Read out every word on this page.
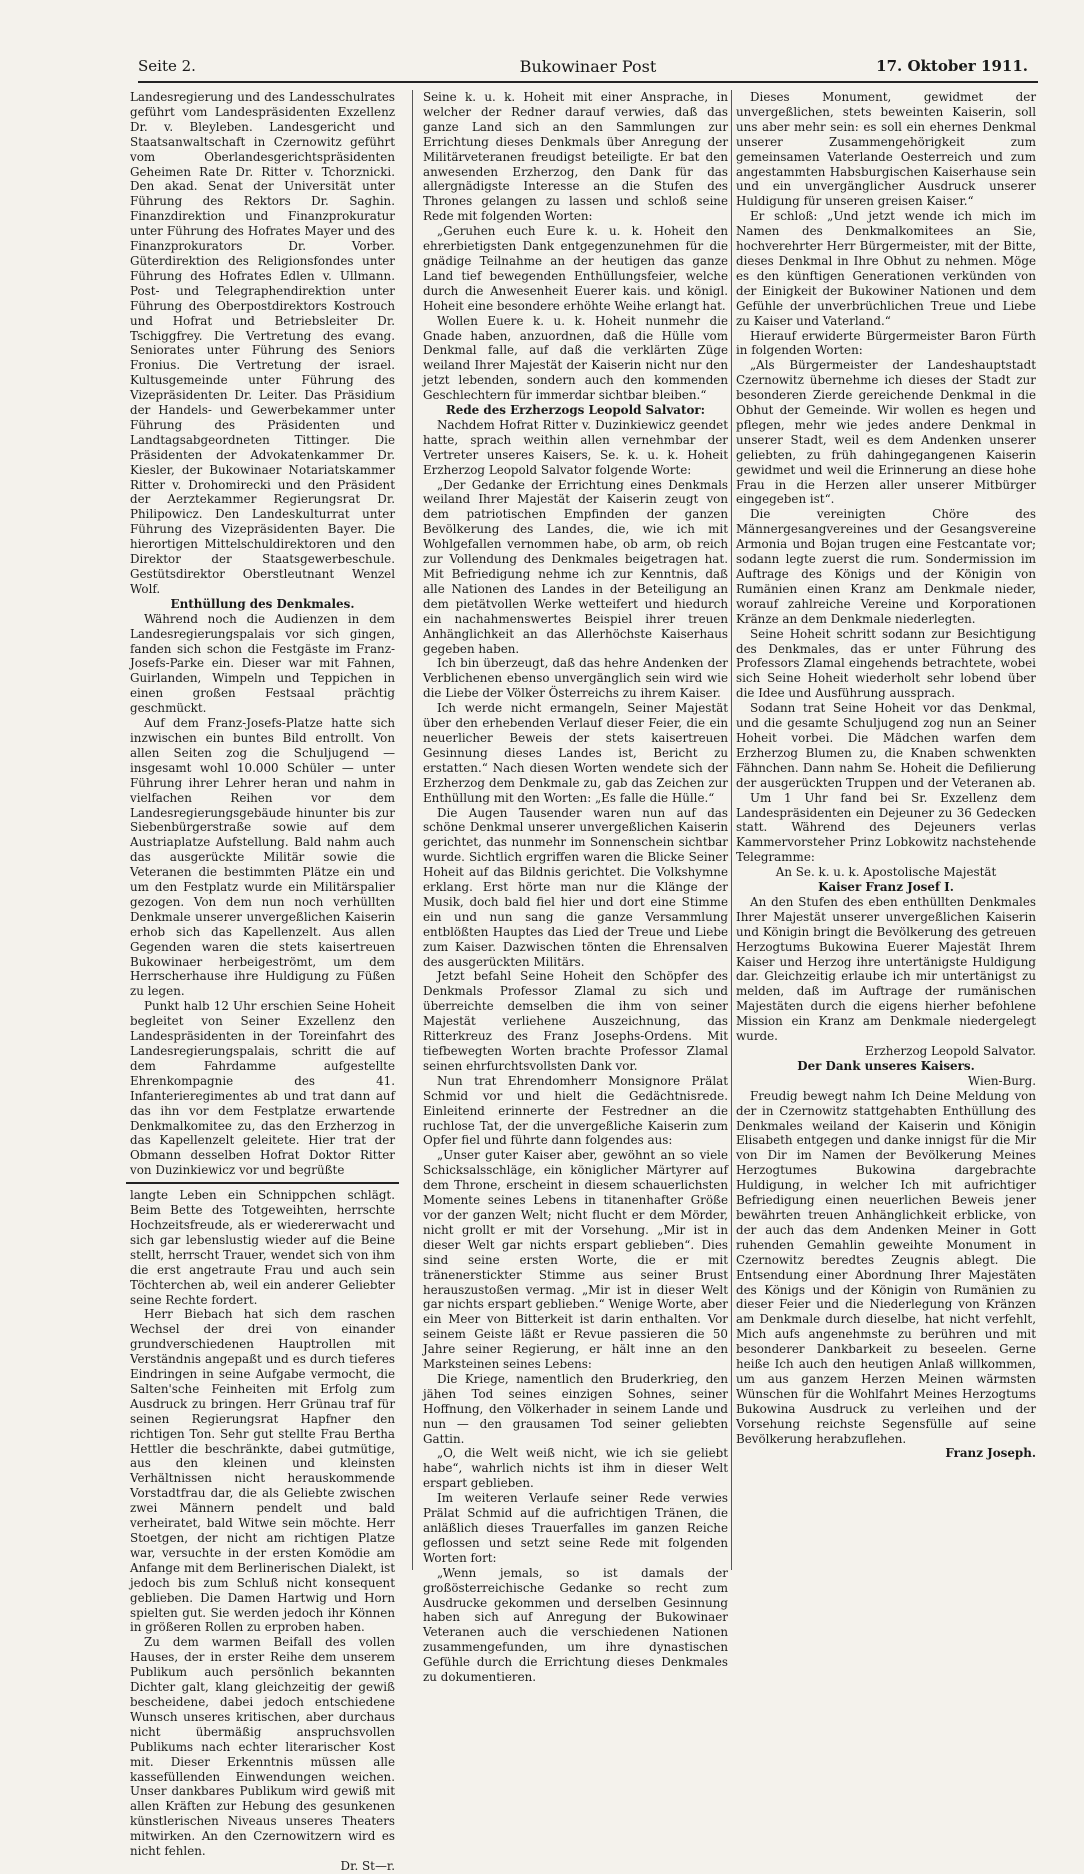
Seite 2.	Bukowinaer Post	17. Oktober 1911.

Landesregierung und des Landesschulrates geführt vom Landespräsidenten Exzellenz Dr. v. Bleyleben. Landesgericht und Staatsanwaltschaft in Czernowitz geführt vom Oberlandesgerichtspräsidenten Geheimen Rate Dr. Ritter v. Tchorznicki. Den akad. Senat der Universität unter Führung des Rektors Dr. Saghin. Finanzdirektion und Finanzprokuratur unter Führung des Hofrates Mayer und des Finanzprokurators Dr. Vorber. Güterdirektion des Religionsfondes unter Führung des Hofrates Edlen v. Ullmann. Post- und Telegraphendirektion unter Führung des Oberpostdirektors Kostrouch und Hofrat und Betriebsleiter Dr. Tschiggfrey. Die Vertretung des evang. Seniorates unter Führung des Seniors Fronius. Die Vertretung der israel. Kultusgemeinde unter Führung des Vizepräsidenten Dr. Leiter. Das Präsidium der Handels- und Gewerbekammer unter Führung des Präsidenten und Landtagsabgeordneten Tittinger. Die Präsidenten der Advokatenkammer Dr. Kiesler, der Bukowinaer Notariatskammer Ritter v. Drohomirecki und den Präsident der Aerztekammer Regierungsrat Dr. Philipowicz. Den Landeskulturrat unter Führung des Vizepräsidenten Bayer. Die hierortigen Mittelschuldirektoren und den Direktor der Staatsgewerbeschule. Gestütsdirektor Oberstleutnant Wenzel Wolf.

Enthüllung des Denkmales.

Während noch die Audienzen in dem Landesregierungspalais vor sich gingen, fanden sich schon die Festgäste im Franz-Josefs-Parke ein. Dieser war mit Fahnen, Guirlanden, Wimpeln und Teppichen in einen großen Festsaal prächtig geschmückt.

Auf dem Franz-Josefs-Platze hatte sich inzwischen ein buntes Bild entrollt. Von allen Seiten zog die Schuljugend — insgesamt wohl 10.000 Schüler — unter Führung ihrer Lehrer heran und nahm in vielfachen Reihen vor dem Landesregierungsgebäude hinunter bis zur Siebenbürgerstraße sowie auf dem Austriaplatze Aufstellung. Bald nahm auch das ausgerückte Militär sowie die Veteranen die bestimmten Plätze ein und um den Festplatz wurde ein Militärspalier gezogen. Von dem nun noch verhüllten Denkmale unserer unvergeßlichen Kaiserin erhob sich das Kapellenzelt. Aus allen Gegenden waren die stets kaisertreuen Bukowinaer herbeigeströmt, um dem Herrscherhause ihre Huldigung zu Füßen zu legen.

Punkt halb 12 Uhr erschien Seine Hoheit begleitet von Seiner Exzellenz den Landespräsidenten in der Toreinfahrt des Landesregierungspalais, schritt die auf dem Fahrdamme aufgestellte Ehrenkompagnie des 41. Infanterieregimentes ab und trat dann auf das ihn vor dem Festplatze erwartende Denkmalkomitee zu, das den Erzherzog in das Kapellenzelt geleitete. Hier trat der Obmann desselben Hofrat Doktor Ritter von Duzinkiewicz vor und begrüßte

langte Leben ein Schnippchen schlägt. Beim Bette des Totgeweihten, herrschte Hochzeitsfreude, als er wiedererwacht und sich gar lebenslustig wieder auf die Beine stellt, herrscht Trauer, wendet sich von ihm die erst angetraute Frau und auch sein Töchterchen ab, weil ein anderer Geliebter seine Rechte fordert.

Herr Biebach hat sich dem raschen Wechsel der drei von einander grundverschiedenen Hauptrollen mit Verständnis angepaßt und es durch tieferes Eindringen in seine Aufgabe vermocht, die Salten'sche Feinheiten mit Erfolg zum Ausdruck zu bringen. Herr Grünau traf für seinen Regierungsrat Hapfner den richtigen Ton. Sehr gut stellte Frau Bertha Hettler die beschränkte, dabei gutmütige, aus den kleinen und kleinsten Verhältnissen nicht herauskommende Vorstadtfrau dar, die als Geliebte zwischen zwei Männern pendelt und bald verheiratet, bald Witwe sein möchte. Herr Stoetgen, der nicht am richtigen Platze war, versuchte in der ersten Komödie am Anfange mit dem Berlinerischen Dialekt, ist jedoch bis zum Schluß nicht konsequent geblieben. Die Damen Hartwig und Horn spielten gut. Sie werden jedoch ihr Können in größeren Rollen zu erproben haben.

Zu dem warmen Beifall des vollen Hauses, der in erster Reihe dem unserem Publikum auch persönlich bekannten Dichter galt, klang gleichzeitig der gewiß bescheidene, dabei jedoch entschiedene Wunsch unseres kritischen, aber durchaus nicht übermäßig anspruchsvollen Publikums nach echter literarischer Kost mit. Dieser Erkenntnis müssen alle kassefüllenden Einwendungen weichen. Unser dankbares Publikum wird gewiß mit allen Kräften zur Hebung des gesunkenen künstlerischen Niveaus unseres Theaters mitwirken. An den Czernowitzern wird es nicht fehlen.

Dr. St—r.

Seine k. u. k. Hoheit mit einer Ansprache, in welcher der Redner darauf verwies, daß das ganze Land sich an den Sammlungen zur Errichtung dieses Denkmals über Anregung der Militärveteranen freudigst beteiligte. Er bat den anwesenden Erzherzog, den Dank für das allergnädigste Interesse an die Stufen des Thrones gelangen zu lassen und schloß seine Rede mit folgenden Worten:

„Geruhen euch Eure k. u. k. Hoheit den ehrerbietigsten Dank entgegenzunehmen für die gnädige Teilnahme an der heutigen das ganze Land tief bewegenden Enthüllungsfeier, welche durch die Anwesenheit Euerer kais. und königl. Hoheit eine besondere erhöhte Weihe erlangt hat.

Wollen Euere k. u. k. Hoheit nunmehr die Gnade haben, anzuordnen, daß die Hülle vom Denkmal falle, auf daß die verklärten Züge weiland Ihrer Majestät der Kaiserin nicht nur den jetzt lebenden, sondern auch den kommenden Geschlechtern für immerdar sichtbar bleiben.“

Rede des Erzherzogs Leopold Salvator:

Nachdem Hofrat Ritter v. Duzinkiewicz geendet hatte, sprach weithin allen vernehmbar der Vertreter unseres Kaisers, Se. k. u. k. Hoheit Erzherzog Leopold Salvator folgende Worte:

„Der Gedanke der Errichtung eines Denkmals weiland Ihrer Majestät der Kaiserin zeugt von dem patriotischen Empfinden der ganzen Bevölkerung des Landes, die, wie ich mit Wohlgefallen vernommen habe, ob arm, ob reich zur Vollendung des Denkmales beigetragen hat. Mit Befriedigung nehme ich zur Kenntnis, daß alle Nationen des Landes in der Beteiligung an dem pietätvollen Werke wetteifert und hiedurch ein nachahmenswertes Beispiel ihrer treuen Anhänglichkeit an das Allerhöchste Kaiserhaus gegeben haben.

Ich bin überzeugt, daß das hehre Andenken der Verblichenen ebenso unvergänglich sein wird wie die Liebe der Völker Österreichs zu ihrem Kaiser.

Ich werde nicht ermangeln, Seiner Majestät über den erhebenden Verlauf dieser Feier, die ein neuerlicher Beweis der stets kaisertreuen Gesinnung dieses Landes ist, Bericht zu erstatten.“ Nach diesen Worten wendete sich der Erzherzog dem Denkmale zu, gab das Zeichen zur Enthüllung mit den Worten: „Es falle die Hülle.“

Die Augen Tausender waren nun auf das schöne Denkmal unserer unvergeßlichen Kaiserin gerichtet, das nunmehr im Sonnenschein sichtbar wurde. Sichtlich ergriffen waren die Blicke Seiner Hoheit auf das Bildnis gerichtet. Die Volkshymne erklang. Erst hörte man nur die Klänge der Musik, doch bald fiel hier und dort eine Stimme ein und nun sang die ganze Versammlung entblößten Hauptes das Lied der Treue und Liebe zum Kaiser. Dazwischen tönten die Ehrensalven des ausgerückten Militärs.

Jetzt befahl Seine Hoheit den Schöpfer des Denkmals Professor Zlamal zu sich und überreichte demselben die ihm von seiner Majestät verliehene Auszeichnung, das Ritterkreuz des Franz Josephs-Ordens. Mit tiefbewegten Worten brachte Professor Zlamal seinen ehrfurchtsvollsten Dank vor.

Nun trat Ehrendomherr Monsignore Prälat Schmid vor und hielt die Gedächtnisrede. Einleitend erinnerte der Festredner an die ruchlose Tat, der die unvergeßliche Kaiserin zum Opfer fiel und führte dann folgendes aus:

„Unser guter Kaiser aber, gewöhnt an so viele Schicksalsschläge, ein königlicher Märtyrer auf dem Throne, erscheint in diesem schauerlichsten Momente seines Lebens in titanenhafter Größe vor der ganzen Welt; nicht flucht er dem Mörder, nicht grollt er mit der Vorsehung. „Mir ist in dieser Welt gar nichts erspart geblieben“. Dies sind seine ersten Worte, die er mit tränenerstickter Stimme aus seiner Brust herauszustoßen vermag. „Mir ist in dieser Welt gar nichts erspart geblieben.“ Wenige Worte, aber ein Meer von Bitterkeit ist darin enthalten. Vor seinem Geiste läßt er Revue passieren die 50 Jahre seiner Regierung, er hält inne an den Marksteinen seines Lebens:

Die Kriege, namentlich den Bruderkrieg, den jähen Tod seines einzigen Sohnes, seiner Hoffnung, den Völkerhader in seinem Lande und nun — den grausamen Tod seiner geliebten Gattin.

„O, die Welt weiß nicht, wie ich sie geliebt habe“, wahrlich nichts ist ihm in dieser Welt erspart geblieben.

Im weiteren Verlaufe seiner Rede verwies Prälat Schmid auf die aufrichtigen Tränen, die anläßlich dieses Trauerfalles im ganzen Reiche geflossen und setzt seine Rede mit folgenden Worten fort:

„Wenn jemals, so ist damals der großösterreichische Gedanke so recht zum Ausdrucke gekommen und derselben Gesinnung haben sich auf Anregung der Bukowinaer Veteranen auch die verschiedenen Nationen zusammengefunden, um ihre dynastischen Gefühle durch die Errichtung dieses Denkmales zu dokumentieren.

Dieses Monument, gewidmet der unvergeßlichen, stets beweinten Kaiserin, soll uns aber mehr sein: es soll ein ehernes Denkmal unserer Zusammengehörigkeit zum gemeinsamen Vaterlande Oesterreich und zum angestammten Habsburgischen Kaiserhause sein und ein unvergänglicher Ausdruck unserer Huldigung für unseren greisen Kaiser.“

Er schloß: „Und jetzt wende ich mich im Namen des Denkmalkomitees an Sie, hochverehrter Herr Bürgermeister, mit der Bitte, dieses Denkmal in Ihre Obhut zu nehmen. Möge es den künftigen Generationen verkünden von der Einigkeit der Bukowiner Nationen und dem Gefühle der unverbrüchlichen Treue und Liebe zu Kaiser und Vaterland.“

Hierauf erwiderte Bürgermeister Baron Fürth in folgenden Worten:

„Als Bürgermeister der Landeshauptstadt Czernowitz übernehme ich dieses der Stadt zur besonderen Zierde gereichende Denkmal in die Obhut der Gemeinde. Wir wollen es hegen und pflegen, mehr wie jedes andere Denkmal in unserer Stadt, weil es dem Andenken unserer geliebten, zu früh dahingegangenen Kaiserin gewidmet und weil die Erinnerung an diese hohe Frau in die Herzen aller unserer Mitbürger eingegeben ist“.

Die vereinigten Chöre des Männergesangvereines und der Gesangsvereine Armonia und Bojan trugen eine Festcantate vor; sodann legte zuerst die rum. Sondermission im Auftrage des Königs und der Königin von Rumänien einen Kranz am Denkmale nieder, worauf zahlreiche Vereine und Korporationen Kränze an dem Denkmale niederlegten.

Seine Hoheit schritt sodann zur Besichtigung des Denkmales, das er unter Führung des Professors Zlamal eingehends betrachtete, wobei sich Seine Hoheit wiederholt sehr lobend über die Idee und Ausführung aussprach.

Sodann trat Seine Hoheit vor das Denkmal, und die gesamte Schuljugend zog nun an Seiner Hoheit vorbei. Die Mädchen warfen dem Erzherzog Blumen zu, die Knaben schwenkten Fähnchen. Dann nahm Se. Hoheit die Defilierung der ausgerückten Truppen und der Veteranen ab.

Um 1 Uhr fand bei Sr. Exzellenz dem Landespräsidenten ein Dejeuner zu 36 Gedecken statt. Während des Dejeuners verlas Kammervorsteher Prinz Lobkowitz nachstehende Telegramme:

An Se. k. u. k. Apostolische Majestät

Kaiser Franz Josef I.

An den Stufen des eben enthüllten Denkmales Ihrer Majestät unserer unvergeßlichen Kaiserin und Königin bringt die Bevölkerung des getreuen Herzogtums Bukowina Euerer Majestät Ihrem Kaiser und Herzog ihre untertänigste Huldigung dar. Gleichzeitig erlaube ich mir untertänigst zu melden, daß im Auftrage der rumänischen Majestäten durch die eigens hierher befohlene Mission ein Kranz am Denkmale niedergelegt wurde.

Erzherzog Leopold Salvator.

Der Dank unseres Kaisers.

Wien-Burg.

Freudig bewegt nahm Ich Deine Meldung von der in Czernowitz stattgehabten Enthüllung des Denkmales weiland der Kaiserin und Königin Elisabeth entgegen und danke innigst für die Mir von Dir im Namen der Bevölkerung Meines Herzogtumes Bukowina dargebrachte Huldigung, in welcher Ich mit aufrichtiger Befriedigung einen neuerlichen Beweis jener bewährten treuen Anhänglichkeit erblicke, von der auch das dem Andenken Meiner in Gott ruhenden Gemahlin geweihte Monument in Czernowitz beredtes Zeugnis ablegt. Die Entsendung einer Abordnung Ihrer Majestäten des Königs und der Königin von Rumänien zu dieser Feier und die Niederlegung von Kränzen am Denkmale durch dieselbe, hat nicht verfehlt, Mich aufs angenehmste zu berühren und mit besonderer Dankbarkeit zu beseelen. Gerne heiße Ich auch den heutigen Anlaß willkommen, um aus ganzem Herzen Meinen wärmsten Wünschen für die Wohlfahrt Meines Herzogtums Bukowina Ausdruck zu verleihen und der Vorsehung reichste Segensfülle auf seine Bevölkerung herabzuflehen.

Franz Joseph.
